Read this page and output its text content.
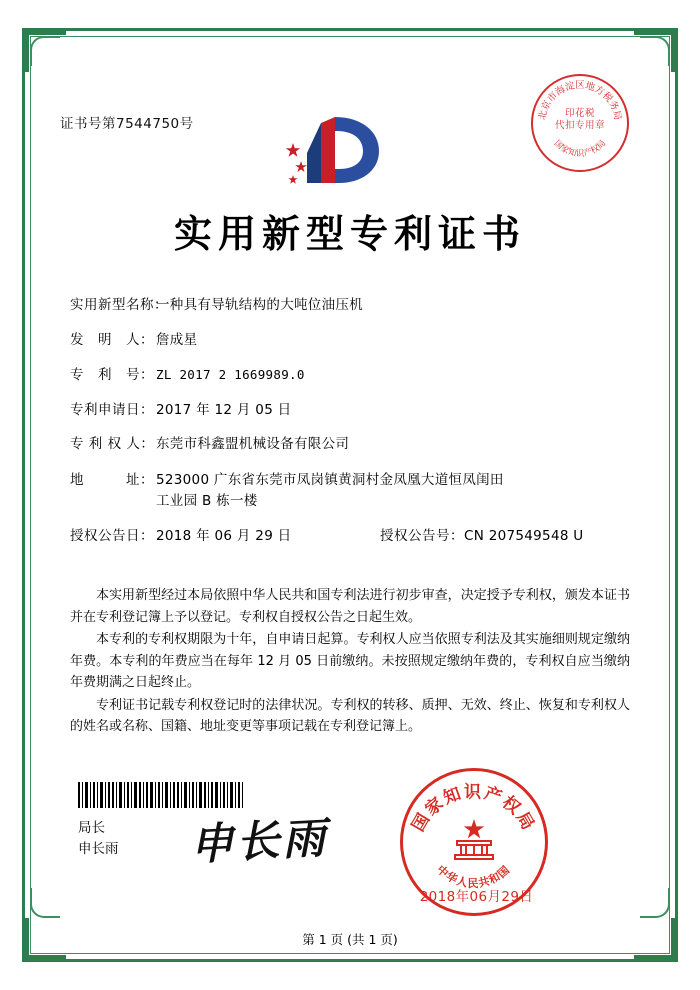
证书号第7544750号
北京市海淀区地方税务局
国家知识产权局
印花税
代扣专用章
实用新型专利证书
实用新型名称：一种具有导轨结构的大吨位油压机
发　明　人： 詹成星
专　利　号： ZL 2017 2 1669989.0
专利申请日： 2017 年 12 月 05 日
专 利 权 人： 东莞市科鑫盟机械设备有限公司
地　　　址： 523000 广东省东莞市凤岗镇黄洞村金凤凰大道恒凤闺田
工业园 B 栋一楼
授权公告日： 2018 年 06 月 29 日	授权公告号：CN 207549548 U

本实用新型经过本局依照中华人民共和国专利法进行初步审查，决定授予专利权，颁发本证书并在专利登记簿上予以登记。专利权自授权公告之日起生效。

本专利的专利权期限为十年，自申请日起算。专利权人应当依照专利法及其实施细则规定缴纳年费。本专利的年费应当在每年 12 月 05 日前缴纳。未按照规定缴纳年费的，专利权自应当缴纳年费期满之日起终止。

专利证书记载专利权登记时的法律状况。专利权的转移、质押、无效、终止、恢复和专利权人的姓名或名称、国籍、地址变更等事项记载在专利登记簿上。

局长
申长雨 申长雨	国家知识产权局
中华人民共和国
2018年06月29日
第 1 页 (共 1 页)
